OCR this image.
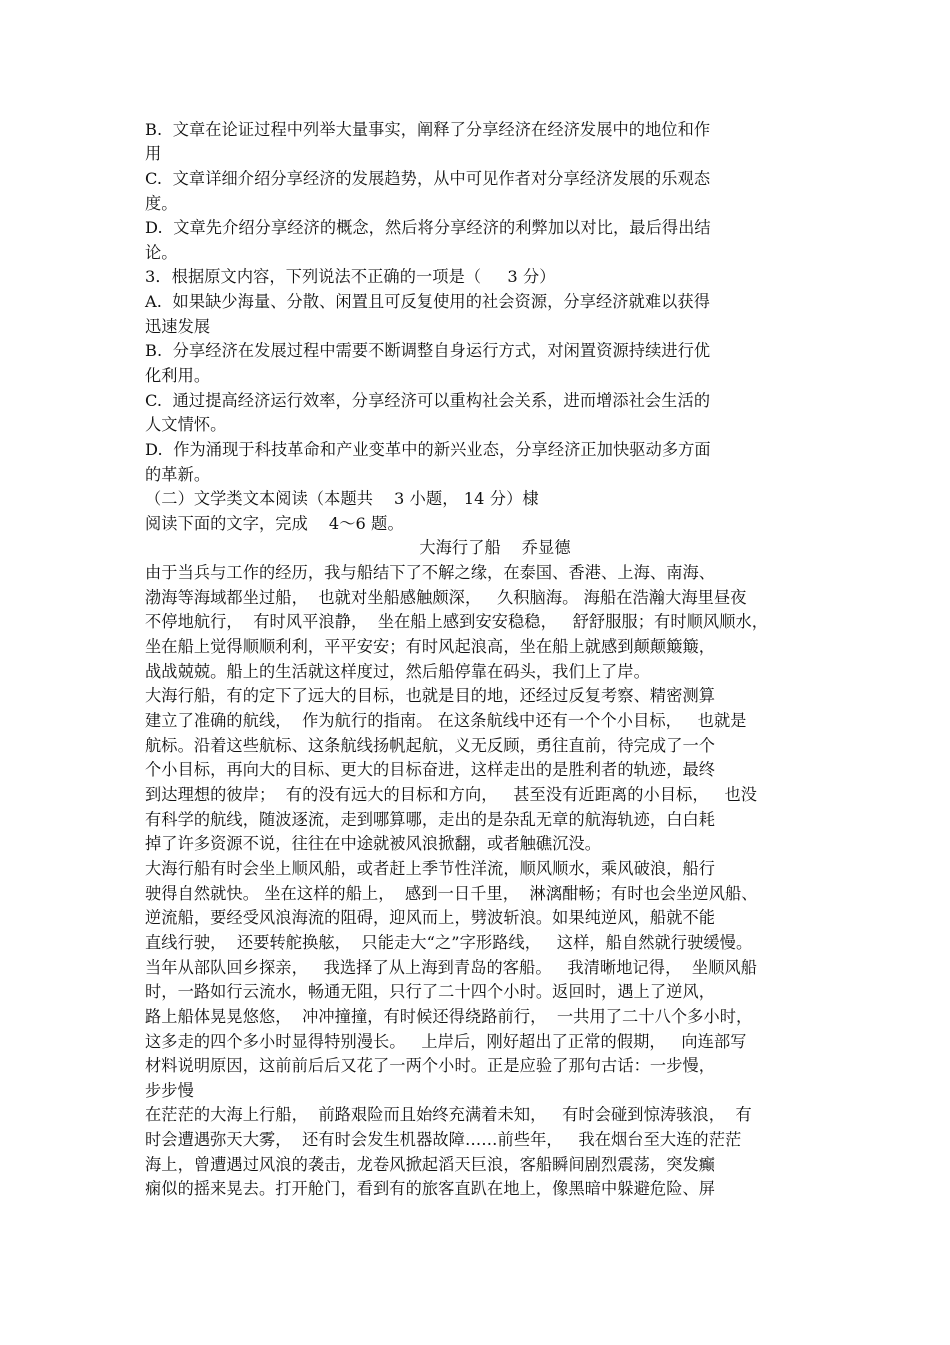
B.  文章在论证过程中列举大量事实，阐释了分享经济在经济发展中的地位和作
用
C.  文章详细介绍分享经济的发展趋势，从中可见作者对分享经济发展的乐观态
度。
D.  文章先介绍分享经济的概念，然后将分享经济的利弊加以对比，最后得出结
论。
3．根据原文内容，下列说法不正确的一项是（     3 分）
A.  如果缺少海量、分散、闲置且可反复使用的社会资源，分享经济就难以获得
迅速发展
B.  分享经济在发展过程中需要不断调整自身运行方式，对闲置资源持续进行优
化利用。
C.  通过提高经济运行效率，分享经济可以重构社会关系，进而增添社会生活的
人文情怀。
D.  作为涌现于科技革命和产业变革中的新兴业态，分享经济正加快驱动多方面
的革新。
（二）文学类文本阅读（本题共    3 小题， 14 分）棣
阅读下面的文字，完成    4～6 题。
大海行了船    乔显德
由于当兵与工作的经历，我与船结下了不解之缘，在泰国、香港、上海、南海、
渤海等海域都坐过船，  也就对坐船感触颇深，   久积脑海。 海船在浩瀚大海里昼夜
不停地航行，  有时风平浪静，  坐在船上感到安安稳稳，   舒舒服服；有时顺风顺水，
坐在船上觉得顺顺利利，平平安安；有时风起浪高，坐在船上就感到颠颠簸簸，
战战兢兢。船上的生活就这样度过，然后船停靠在码头，我们上了岸。
大海行船，有的定下了远大的目标，也就是目的地，还经过反复考察、精密测算
建立了准确的航线，  作为航行的指南。 在这条航线中还有一个个小目标，   也就是
航标。沿着这些航标、这条航线扬帆起航，义无反顾，勇往直前，待完成了一个
个小目标，再向大的目标、更大的目标奋进，这样走出的是胜利者的轨迹，最终
到达理想的彼岸；  有的没有远大的目标和方向，   甚至没有近距离的小目标，   也没
有科学的航线，随波逐流，走到哪算哪，走出的是杂乱无章的航海轨迹，白白耗
掉了许多资源不说，往往在中途就被风浪掀翻，或者触礁沉没。
大海行船有时会坐上顺风船，或者赶上季节性洋流，顺风顺水，乘风破浪，船行
驶得自然就快。 坐在这样的船上，  感到一日千里，  淋漓酣畅；有时也会坐逆风船、
逆流船，要经受风浪海流的阻碍，迎风而上，劈波斩浪。如果纯逆风，船就不能
直线行驶，  还要转舵换舷，  只能走大“之”字形路线，   这样，船自然就行驶缓慢。
当年从部队回乡探亲，   我选择了从上海到青岛的客船。   我清晰地记得，  坐顺风船
时，一路如行云流水，畅通无阻，只行了二十四个小时。返回时，遇上了逆风，
路上船体晃晃悠悠，  冲冲撞撞，有时候还得绕路前行，  一共用了二十八个多小时，
这多走的四个多小时显得特别漫长。   上岸后，刚好超出了正常的假期，   向连部写
材料说明原因，这前前后后又花了一两个小时。正是应验了那句古话：一步慢，
步步慢
在茫茫的大海上行船，  前路艰险而且始终充满着未知，   有时会碰到惊涛骇浪，  有
时会遭遇弥天大雾，  还有时会发生机器故障……前些年，   我在烟台至大连的茫茫
海上，曾遭遇过风浪的袭击，龙卷风掀起滔天巨浪，客船瞬间剧烈震荡，突发癫
痫似的摇来晃去。打开舱门，看到有的旅客直趴在地上，像黑暗中躲避危险、屏
